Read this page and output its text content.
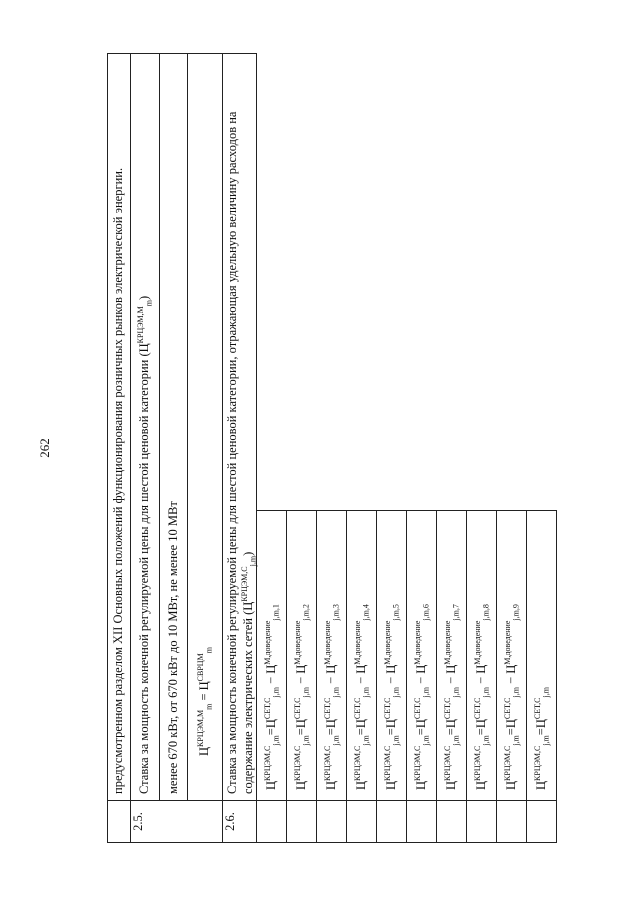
262
		предусмотренном разделом XII Основных положений функционирования розничных рынков электрической энергии.
2.5.	Ставка за мощность конечной регулируемой цены для шестой ценовой категории $(Ц^{КРЦЭМ,М}_m)$
	менее 670 кВт, от 670 кВт до 10 МВт, не менее 10 МВт
	$Ц^{КРЦЭМ,М}_m = Ц^{СВРЦМ}_m$
2.6.	Ставка за мощность конечной регулируемой цены для шестой ценовой категории, отражающая удельную величину расходов на содержание электрических сетей $(Ц^{КРЦЭМ,С}_{j,m})$
	$Ц^{КРЦЭМ,С}_{j,m}=Ц^{СЕТ,С}_{j,m} - Ц^{М,доведение}_{j,m,1}$
	$Ц^{КРЦЭМ,С}_{j,m}=Ц^{СЕТ,С}_{j,m} - Ц^{М,доведение}_{j,m,2}$
	$Ц^{КРЦЭМ,С}_{j,m}=Ц^{СЕТ,С}_{j,m} - Ц^{М,доведение}_{j,m,3}$
	$Ц^{КРЦЭМ,С}_{j,m}=Ц^{СЕТ,С}_{j,m} - Ц^{М,доведение}_{j,m,4}$
	$Ц^{КРЦЭМ,С}_{j,m}=Ц^{СЕТ,С}_{j,m} - Ц^{М,доведение}_{j,m,5}$
	$Ц^{КРЦЭМ,С}_{j,m}=Ц^{СЕТ,С}_{j,m} - Ц^{М,доведение}_{j,m,6}$
	$Ц^{КРЦЭМ,С}_{j,m}=Ц^{СЕТ,С}_{j,m} - Ц^{М,доведение}_{j,m,7}$
	$Ц^{КРЦЭМ,С}_{j,m}=Ц^{СЕТ,С}_{j,m} - Ц^{М,доведение}_{j,m,8}$
	$Ц^{КРЦЭМ,С}_{j,m}=Ц^{СЕТ,С}_{j,m} - Ц^{М,доведение}_{j,m,9}$
	$Ц^{КРЦЭМ,С}_{j,m}=Ц^{СЕТ,С}_{j,m}$
